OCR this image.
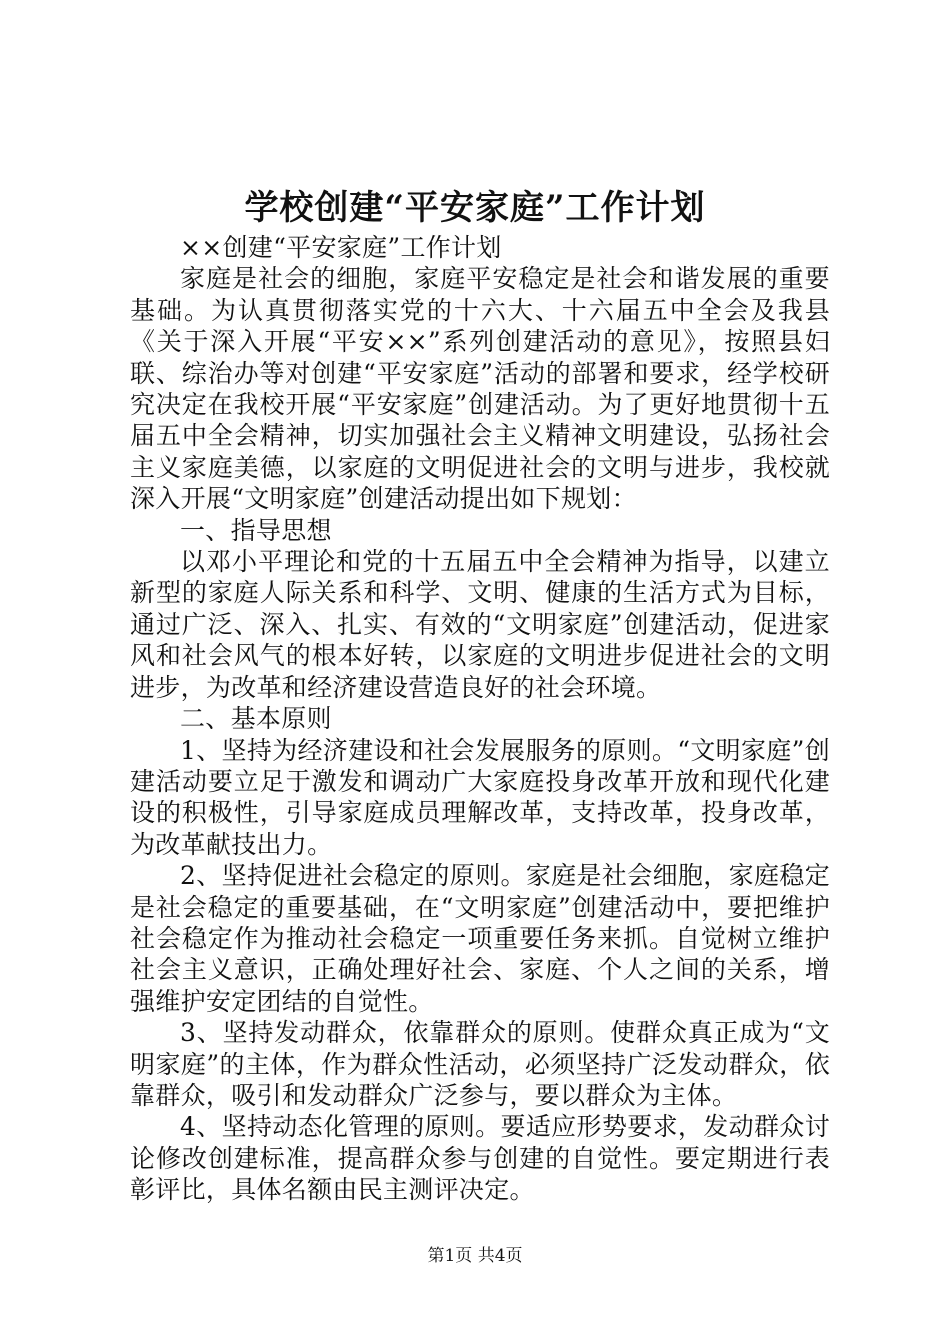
学校创建“平安家庭”工作计划

××创建“平安家庭”工作计划

家庭是社会的细胞，家庭平安稳定是社会和谐发展的重要基础。为认真贯彻落实党的十六大、十六届五中全会及我县《关于深入开展“平安××”系列创建活动的意见》，按照县妇联、综治办等对创建“平安家庭”活动的部署和要求，经学校研究决定在我校开展“平安家庭”创建活动。为了更好地贯彻十五届五中全会精神，切实加强社会主义精神文明建设，弘扬社会主义家庭美德，以家庭的文明促进社会的文明与进步，我校就深入开展“文明家庭”创建活动提出如下规划：

一、指导思想

以邓小平理论和党的十五届五中全会精神为指导，以建立新型的家庭人际关系和科学、文明、健康的生活方式为目标，通过广泛、深入、扎实、有效的“文明家庭”创建活动，促进家风和社会风气的根本好转，以家庭的文明进步促进社会的文明进步，为改革和经济建设营造良好的社会环境。

二、基本原则

1、坚持为经济建设和社会发展服务的原则。“文明家庭”创建活动要立足于激发和调动广大家庭投身改革开放和现代化建设的积极性，引导家庭成员理解改革，支持改革，投身改革，为改革献技出力。

2、坚持促进社会稳定的原则。家庭是社会细胞，家庭稳定是社会稳定的重要基础，在“文明家庭”创建活动中，要把维护社会稳定作为推动社会稳定一项重要任务来抓。自觉树立维护社会主义意识，正确处理好社会、家庭、个人之间的关系，增强维护安定团结的自觉性。

3、坚持发动群众，依靠群众的原则。使群众真正成为“文明家庭”的主体，作为群众性活动，必须坚持广泛发动群众，依靠群众，吸引和发动群众广泛参与，要以群众为主体。

4、坚持动态化管理的原则。要适应形势要求，发动群众讨论修改创建标准，提高群众参与创建的自觉性。要定期进行表彰评比，具体名额由民主测评决定。

第1页 共4页
